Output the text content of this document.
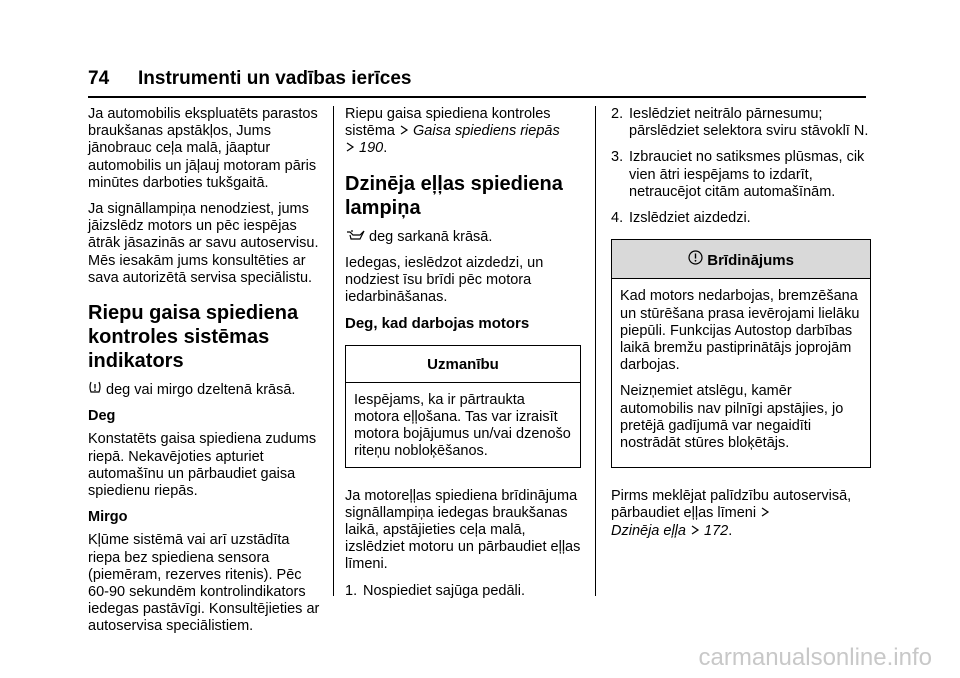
74 Instrumenti un vadības ierīces

Ja automobilis ekspluatēts parastos braukšanas apstākļos, Jums jānobrauc ceļa malā, jāaptur automobilis un jāļauj motoram pāris minūtes darboties tukšgaitā.

Ja signāllampiņa nenodziest, jums jāizslēdz motors un pēc iespējas ātrāk jāsazinās ar savu autoservisu. Mēs iesakām jums konsultēties ar sava autorizētā servisa speciālistu.

Riepu gaisa spiediena kontroles sistēmas indikators

deg vai mirgo dzeltenā krāsā.

Deg

Konstatēts gaisa spiediena zudums riepā. Nekavējoties apturiet automašīnu un pārbaudiet gaisa spiedienu riepās.

Mirgo

Kļūme sistēmā vai arī uzstādīta riepa bez spiediena sensora (piemēram, rezerves ritenis). Pēc 60-90 sekundēm kontrolindikators iedegas pastāvīgi. Konsultējieties ar autoservisa speciālistiem.

Riepu gaisa spiediena kontroles sistēma Gaisa spiediens riepās
190.

Dzinēja eļļas spiediena lampiņa

deg sarkanā krāsā.

Iedegas, ieslēdzot aizdedzi, un nodziest īsu brīdi pēc motora iedarbināšanas.

Deg, kad darbojas motors
Uzmanību
Iespējams, ka ir pārtraukta motora eļļošana. Tas var izraisīt motora bojājumus un/vai dzenošo riteņu nobloķēšanos.

Ja motoreļļas spiediena brīdinājuma signāllampiņa iedegas braukšanas laikā, apstājieties ceļa malā, izslēdziet motoru un pārbaudiet eļļas līmeni.

1. Nospiediet sajūga pedāli.
2. Ieslēdziet neitrālo pārnesumu; pārslēdziet selektora sviru stāvoklī N.
3. Izbrauciet no satiksmes plūsmas, cik vien ātri iespējams to izdarīt, netraucējot citām automašīnām.
4. Izslēdziet aizdedzi.
Brīdinājums

Kad motors nedarbojas, bremzēšana un stūrēšana prasa ievērojami lielāku piepūli. Funkcijas Autostop darbības laikā bremžu pastiprinātājs joprojām darbojas.

Neizņemiet atslēgu, kamēr automobilis nav pilnīgi apstājies, jo pretējā gadījumā var negaidīti nostrādāt stūres bloķētājs.

Pirms meklējat palīdzību autoservisā, pārbaudiet eļļas līmeni
Dzinēja eļļa 172.

carmanualsonline.info
